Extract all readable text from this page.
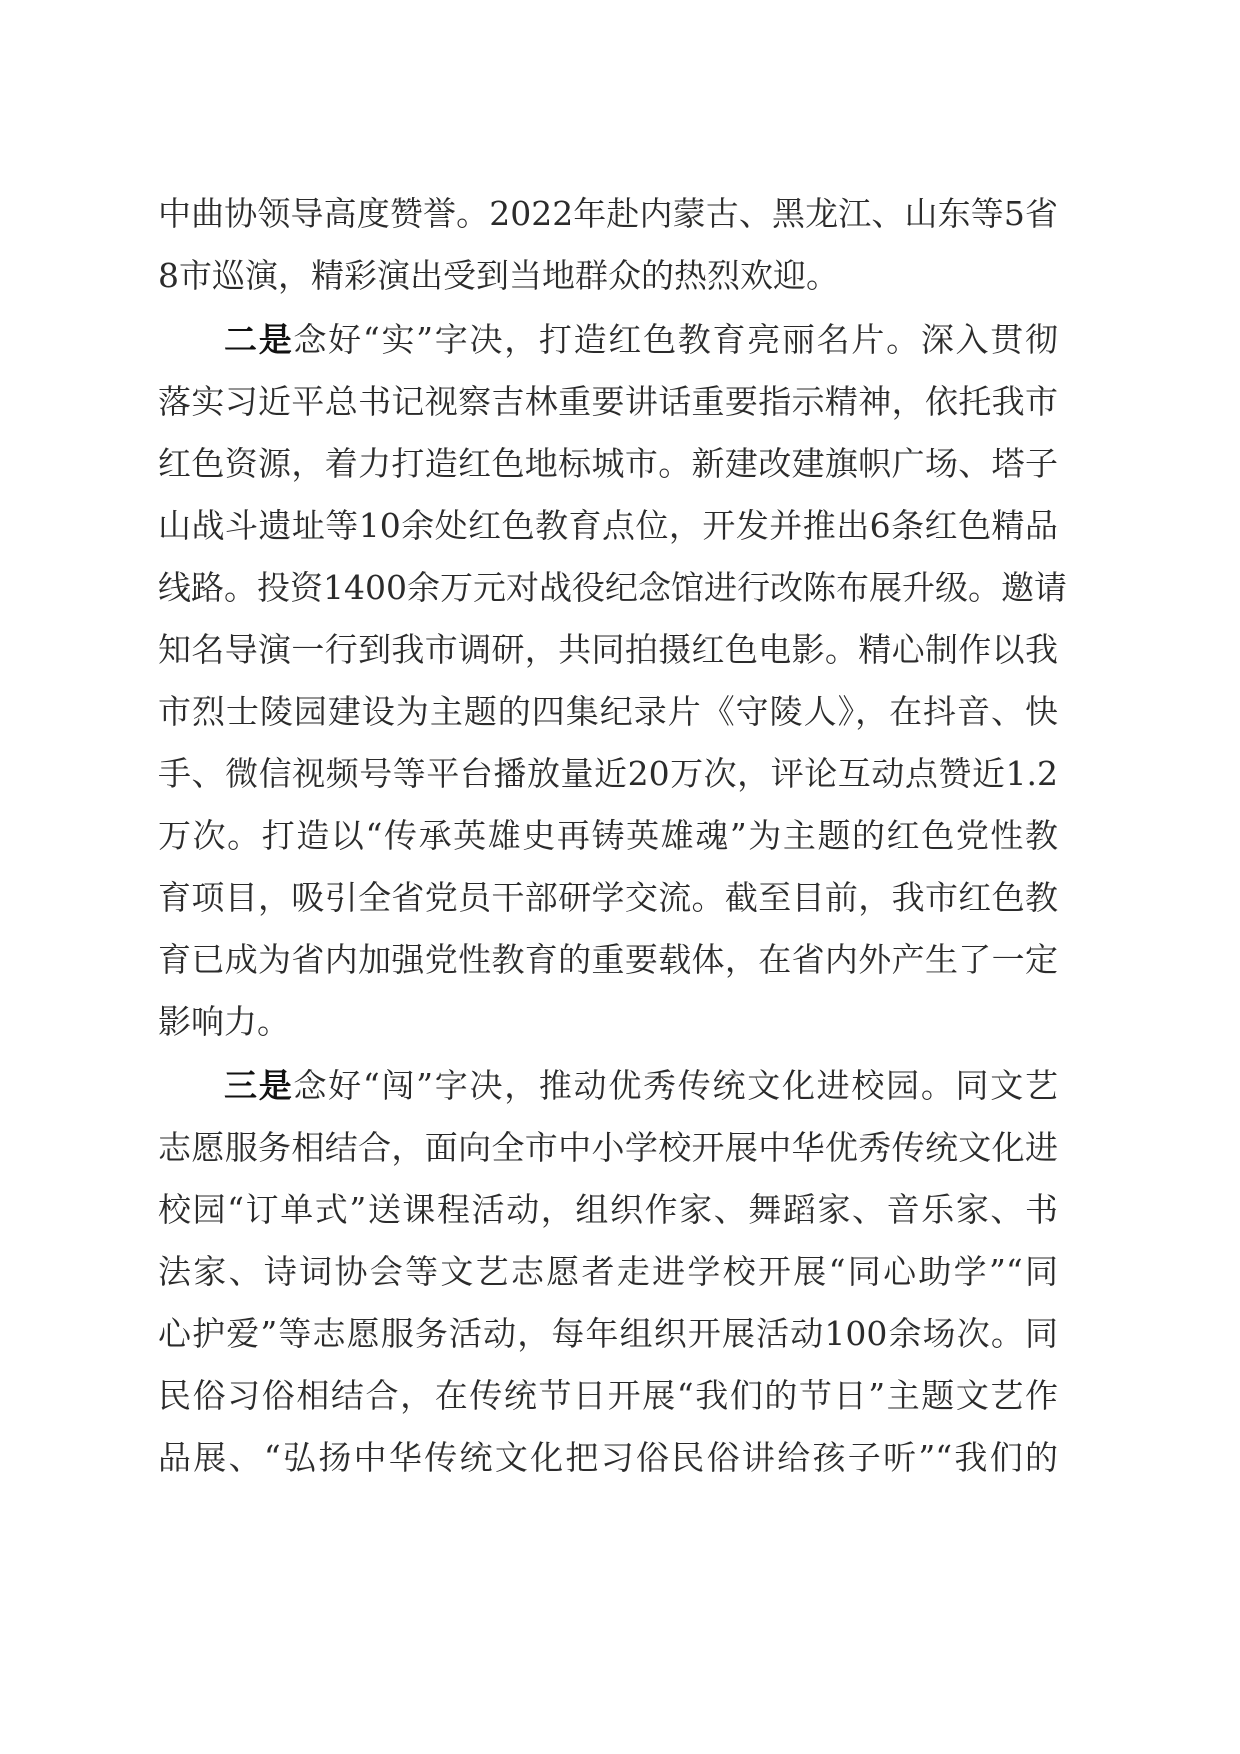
中曲协领导高度赞誉。2022年赴内蒙古、黑龙江、山东等5省
8市巡演，精彩演出受到当地群众的热烈欢迎。
二是念好“实”字决，打造红色教育亮丽名片。深入贯彻
落实习近平总书记视察吉林重要讲话重要指示精神，依托我市
红色资源，着力打造红色地标城市。新建改建旗帜广场、塔子
山战斗遗址等10余处红色教育点位，开发并推出6条红色精品
线路。投资1400余万元对战役纪念馆进行改陈布展升级。邀请
知名导演一行到我市调研，共同拍摄红色电影。精心制作以我
市烈士陵园建设为主题的四集纪录片《守陵人》，在抖音、快
手、微信视频号等平台播放量近20万次，评论互动点赞近1.2
万次。打造以“传承英雄史再铸英雄魂”为主题的红色党性教
育项目，吸引全省党员干部研学交流。截至目前，我市红色教
育已成为省内加强党性教育的重要载体，在省内外产生了一定
影响力。
三是念好“闯”字决，推动优秀传统文化进校园。同文艺
志愿服务相结合，面向全市中小学校开展中华优秀传统文化进
校园“订单式”送课程活动，组织作家、舞蹈家、音乐家、书
法家、诗词协会等文艺志愿者走进学校开展“同心助学”“同
心护爱”等志愿服务活动，每年组织开展活动100余场次。同
民俗习俗相结合，在传统节日开展“我们的节日”主题文艺作
品展、“弘扬中华传统文化把习俗民俗讲给孩子听”“我们的
